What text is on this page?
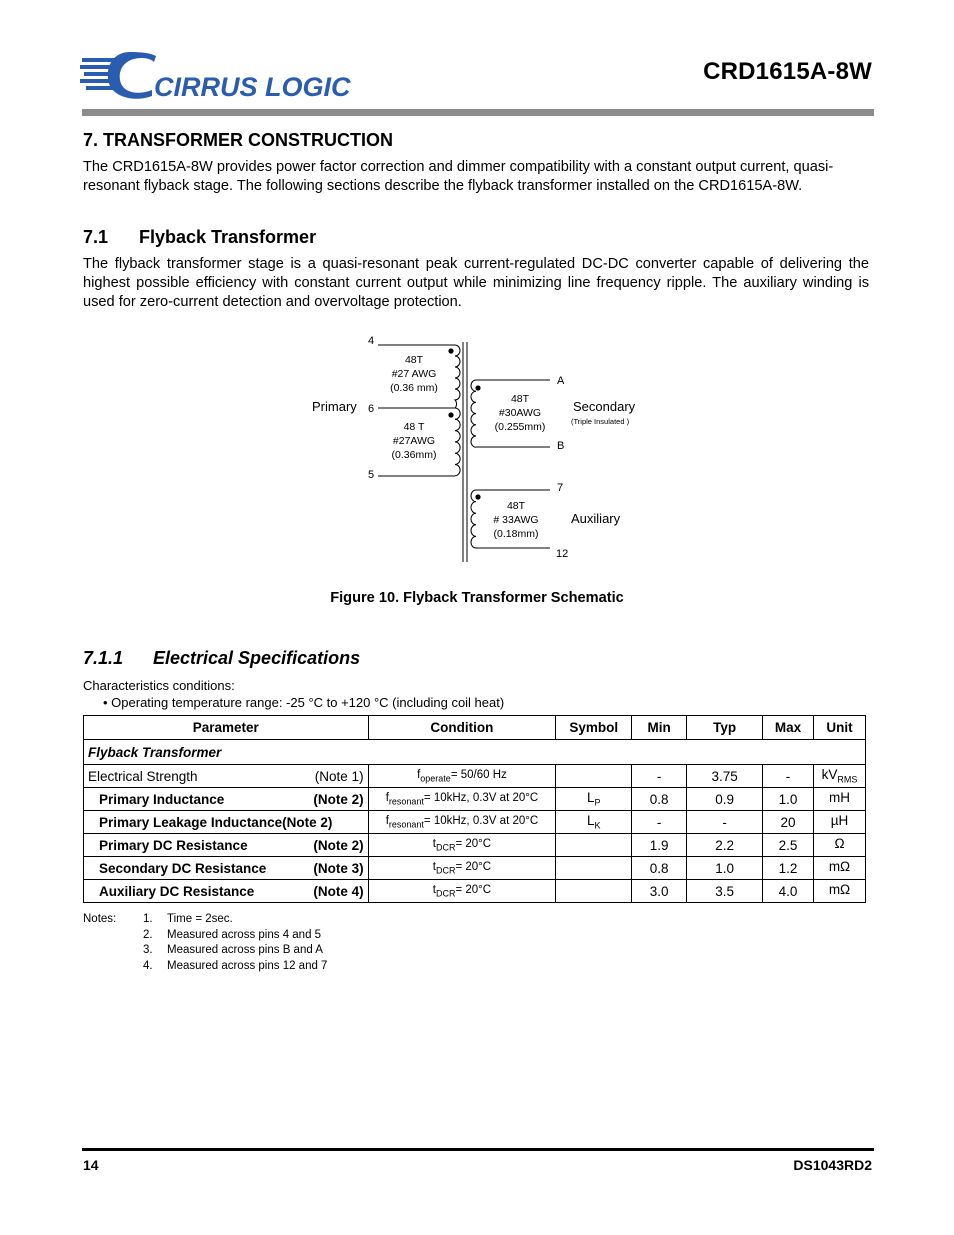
CIRRUS LOGIC
CRD1615A-8W
7. TRANSFORMER CONSTRUCTION
The CRD1615A-8W provides power factor correction and dimmer compatibility with a constant output current, quasi-resonant flyback stage. The following sections describe the flyback transformer installed on the CRD1615A-8W.
7.1 Flyback Transformer
The flyback transformer stage is a quasi-resonant peak current-regulated DC-DC converter capable of delivering the highest possible efficiency with constant current output while minimizing line frequency ripple. The auxiliary winding is used for zero-current detection and overvoltage protection.
4
6
5
A
B
7
12
Primary	Secondary
(Triple Insulated )
Auxiliary
48T
#27 AWG
(0.36 mm)
48 T
#27AWG
(0.36mm)
48T
#30AWG
(0.255mm)
48T
# 33AWG
(0.18mm)
Figure 10. Flyback Transformer Schematic
7.1.1 Electrical Specifications
Characteristics conditions:
• Operating temperature range: -25 °C to +120 °C (including coil heat)
Parameter	Condition	Symbol	Min	Typ	Max	Unit
Flyback Transformer						

Electrical Strength (Note 1)	$f_{operate}= 50/60$ Hz		-	3.75	-	$kV_{RMS}$

Primary Inductance (Note 2)	$f_{resonant}= 10kHz$, 0.3V at 20°C	$L_P$	0.8	0.9	1.0	mH

Primary Leakage Inductance (Note 2)	$f_{resonant}= 10kHz$, 0.3V at 20°C	$L_K$	-	-	20	µH

Primary DC Resistance (Note 2)	$t_{DCR}= 20^\circ C$		1.9	2.2	2.5	Ω

Secondary DC Resistance (Note 3)	$t_{DCR}= 20^\circ C$		0.8	1.0	1.2	mΩ

Auxiliary DC Resistance (Note 4)	$t_{DCR}= 20^\circ C$		3.0	3.5	4.0	mΩ
Notes: 1. Time = 2sec.
2. Measured across pins 4 and 5
3. Measured across pins B and A
4. Measured across pins 12 and 7
14	DS1043RD2
